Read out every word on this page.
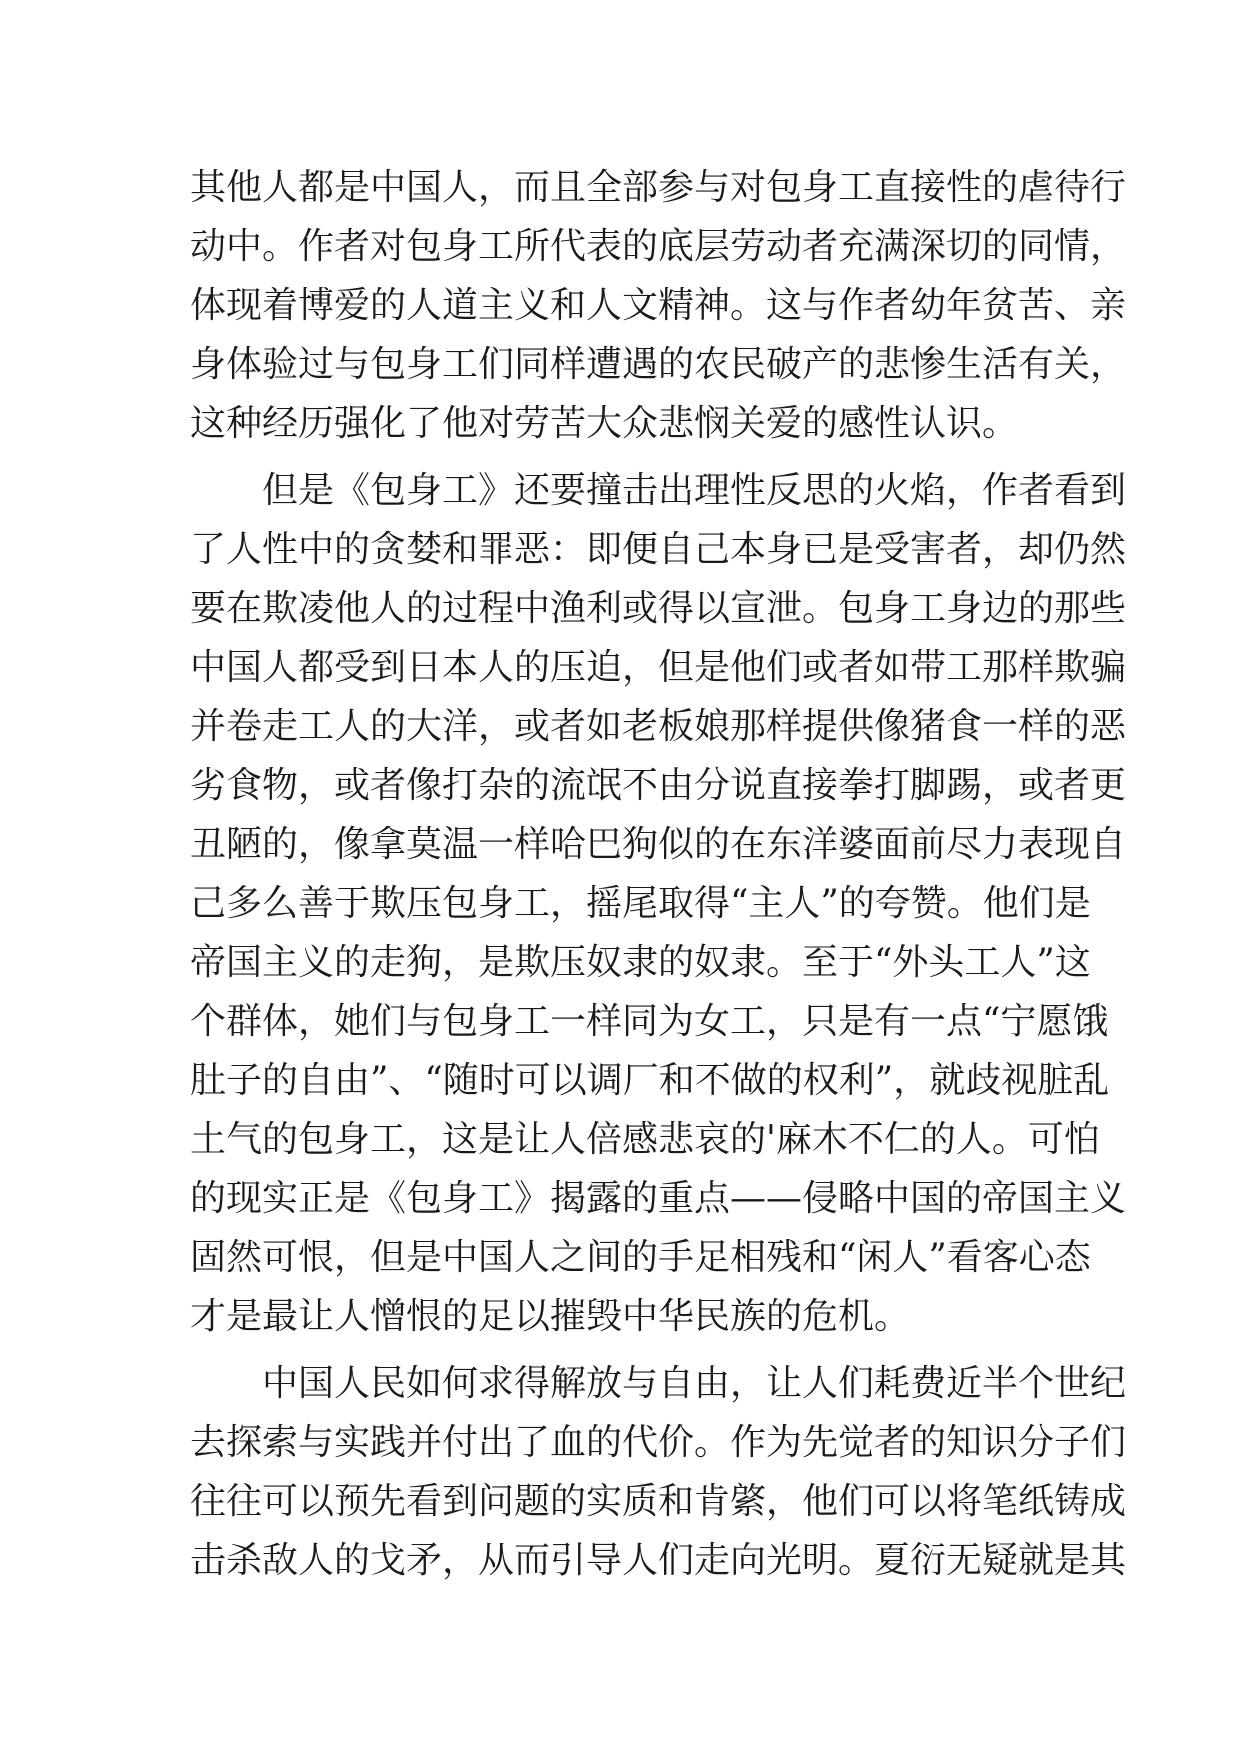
其他人都是中国人，而且全部参与对包身工直接性的虐待行
动中。作者对包身工所代表的底层劳动者充满深切的同情，
体现着博爱的人道主义和人文精神。这与作者幼年贫苦、亲
身体验过与包身工们同样遭遇的农民破产的悲惨生活有关，
这种经历强化了他对劳苦大众悲悯关爱的感性认识。
　　但是《包身工》还要撞击出理性反思的火焰，作者看到
了人性中的贪婪和罪恶：即便自己本身已是受害者，却仍然
要在欺凌他人的过程中渔利或得以宣泄。包身工身边的那些
中国人都受到日本人的压迫，但是他们或者如带工那样欺骗
并卷走工人的大洋，或者如老板娘那样提供像猪食一样的恶
劣食物，或者像打杂的流氓不由分说直接拳打脚踢，或者更
丑陋的，像拿莫温一样哈巴狗似的在东洋婆面前尽力表现自
己多么善于欺压包身工，摇尾取得“主人”的夸赞。他们是
帝国主义的走狗，是欺压奴隶的奴隶。至于“外头工人”这
个群体，她们与包身工一样同为女工，只是有一点“宁愿饿
肚子的自由”、“随时可以调厂和不做的权利”，就歧视脏乱
土气的包身工，这是让人倍感悲哀的'麻木不仁的人。可怕
的现实正是《包身工》揭露的重点——侵略中国的帝国主义
固然可恨，但是中国人之间的手足相残和“闲人”看客心态
才是最让人憎恨的足以摧毁中华民族的危机。
　　中国人民如何求得解放与自由，让人们耗费近半个世纪
去探索与实践并付出了血的代价。作为先觉者的知识分子们
往往可以预先看到问题的实质和肯綮，他们可以将笔纸铸成
击杀敌人的戈矛，从而引导人们走向光明。夏衍无疑就是其
